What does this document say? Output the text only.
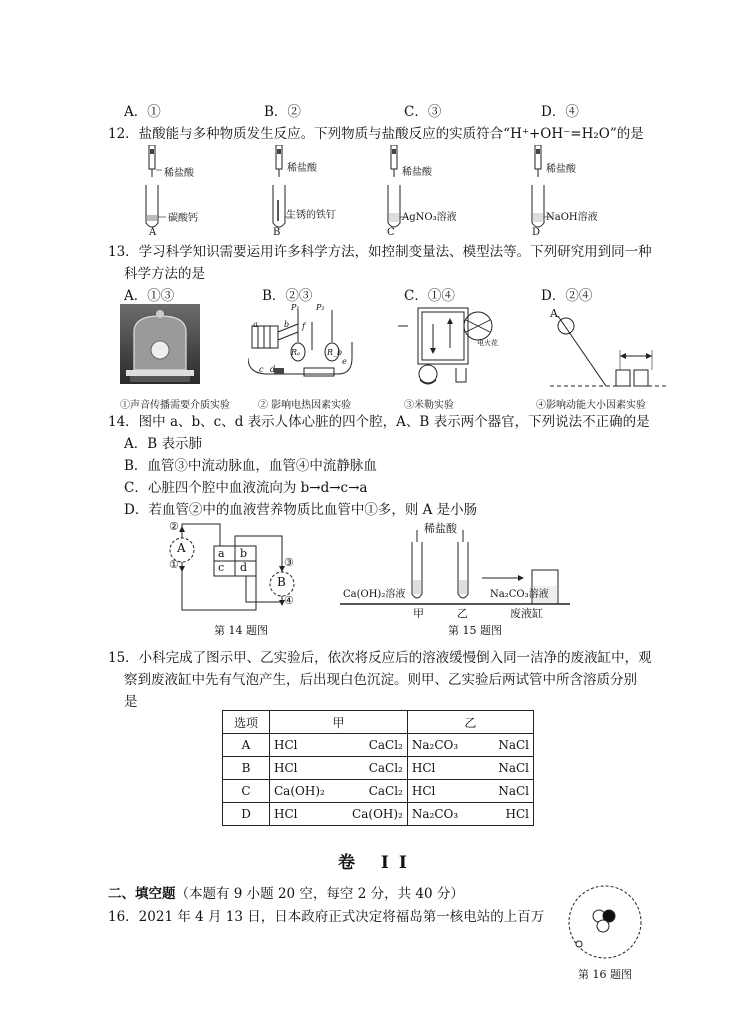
A．①	B．②	C．③	D．④
12．盐酸能与多种物质发生反应。下列物质与盐酸反应的实质符合“H⁺+OH⁻=H₂O”的是
稀盐酸	稀盐酸	稀盐酸	稀盐酸
碳酸钙	生锈的铁钉	AgNO₃溶液	NaOH溶液
A	B	C	D
13．学习科学知识需要运用许多科学方法，如控制变量法、模型法等。下列研究用到同一种
科学方法的是
A．①③	B．②③	C．①④	D．②④
P₁ P₂
Rₐ	R_b
a	b
c d
e
f
电火花
A
①声音传播需要介质实验	② 影响电热因素实验	③米勒实验	④影响动能大小因素实验
14．图中 a、b、c、d 表示人体心脏的四个腔，A、B 表示两个器官，下列说法不正确的是
A．B 表示肺
B．血管③中流动脉血，血管④中流静脉血
C．心脏四个腔中血液流向为 b→d→c→a
D．若血管②中的血液营养物质比血管中①多，则 A 是小肠
A
B
a b
c d
②
①	③
④
第 14 题图
稀盐酸
Ca(OH)₂溶液	Na₂CO₃溶液
甲	乙	废液缸
第 15 题图
15．小科完成了图示甲、乙实验后，依次将反应后的溶液缓慢倒入同一洁净的废液缸中，观
察到废液缸中先有气泡产生，后出现白色沉淀。则甲、乙实验后两试管中所含溶质分别
是
选项	甲	乙
A	HCl CaCl₂	Na₂CO₃ NaCl

B	HCl CaCl₂	HCl NaCl

C	Ca(OH)₂ CaCl₂	HCl NaCl

D	HCl Ca(OH)₂	Na₂CO₃ HCl
卷 II
二、填空题（本题有 9 小题 20 空，每空 2 分，共 40 分）
16．2021 年 4 月 13 日，日本政府正式决定将福岛第一核电站的上百万
第 16 题图
